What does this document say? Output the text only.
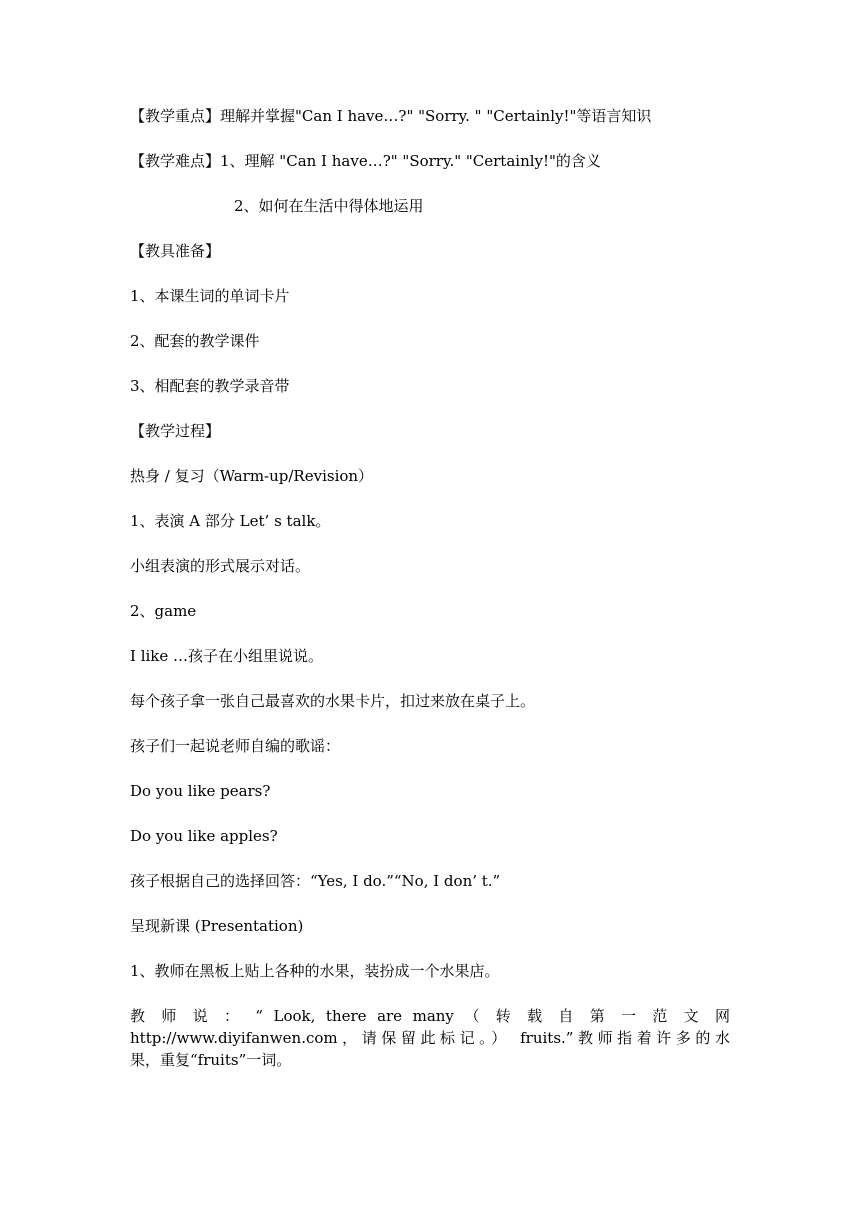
【教学重点】理解并掌握"Can I have…?" "Sorry. " "Certainly!"等语言知识
【教学难点】1、理解 "Can I have…?" "Sorry." "Certainly!"的含义
2、如何在生活中得体地运用
【教具准备】
1、本课生词的单词卡片
2、配套的教学课件
3、相配套的教学录音带
【教学过程】
热身 / 复习（Warm-up/Revision）
1、表演 A 部分 Let’ s talk。
小组表演的形式展示对话。
2、game
I like …孩子在小组里说说。
每个孩子拿一张自己最喜欢的水果卡片，扣过来放在桌子上。
孩子们一起说老师自编的歌谣：
Do you like pears?
Do you like apples?
孩子根据自己的选择回答：“Yes, I do.”“No, I don’ t.”
呈现新课 (Presentation)
1、教师在黑板上贴上各种的水果，装扮成一个水果店。
教 师 说 ： “ Look, there are many （ 转 载 自 第 一 范 文 网
http://www.diyifanwen.com，请保留此标记。） fruits.”教师指着许多的水
果，重复“fruits”一词。
